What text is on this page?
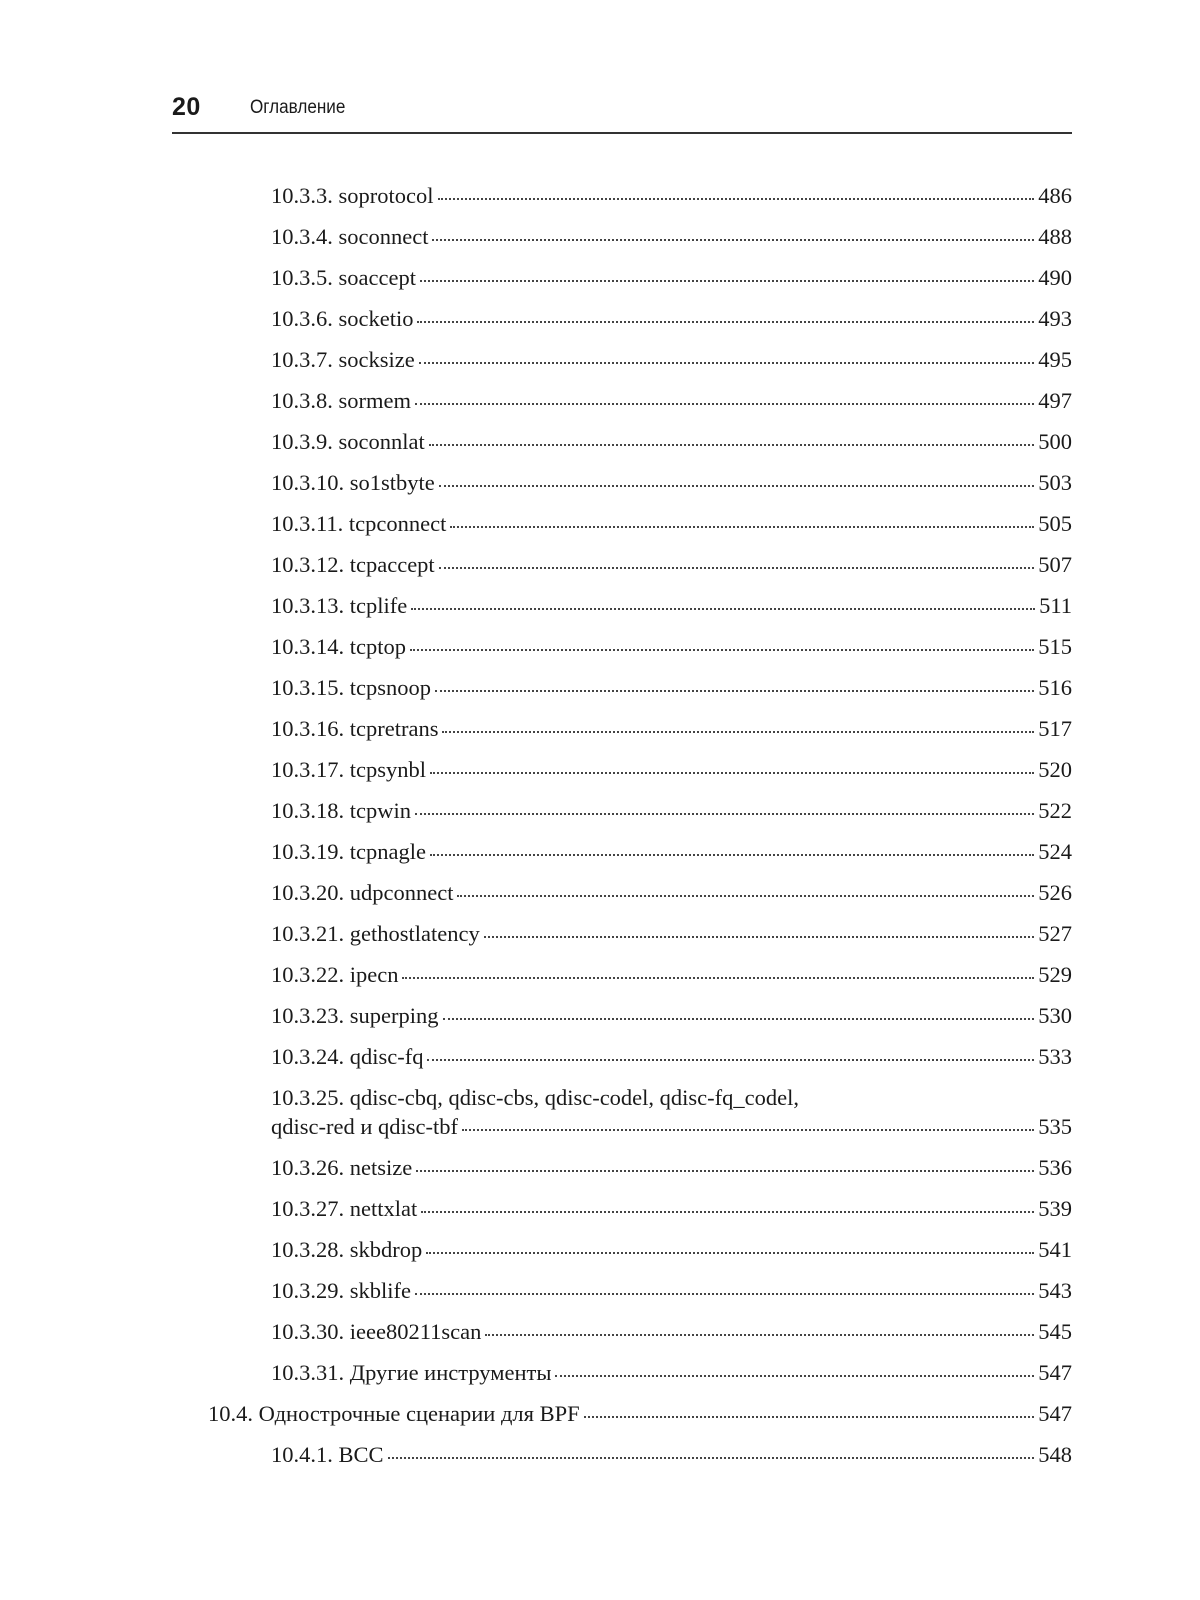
20	Оглавление
10.3.3. soprotocol	486
10.3.4. soconnect	488
10.3.5. soaccept	490
10.3.6. socketio	493
10.3.7. socksize	495
10.3.8. sormem	497
10.3.9. soconnlat	500
10.3.10. so1stbyte	503
10.3.11. tcpconnect	505
10.3.12. tcpaccept	507
10.3.13. tcplife	511
10.3.14. tcptop	515
10.3.15. tcpsnoop	516
10.3.16. tcpretrans	517
10.3.17. tcpsynbl	520
10.3.18. tcpwin	522
10.3.19. tcpnagle	524
10.3.20. udpconnect	526
10.3.21. gethostlatency	527
10.3.22. ipecn	529
10.3.23. superping	530
10.3.24. qdisc-fq	533
10.3.25. qdisc-cbq, qdisc-cbs, qdisc-codel, qdisc-fq_codel,
qdisc-red и qdisc-tbf	535
10.3.26. netsize	536
10.3.27. nettxlat	539
10.3.28. skbdrop	541
10.3.29. skblife	543
10.3.30. ieee80211scan	545
10.3.31. Другие инструменты	547
10.4. Однострочные сценарии для BPF	547
10.4.1. BCC	548
